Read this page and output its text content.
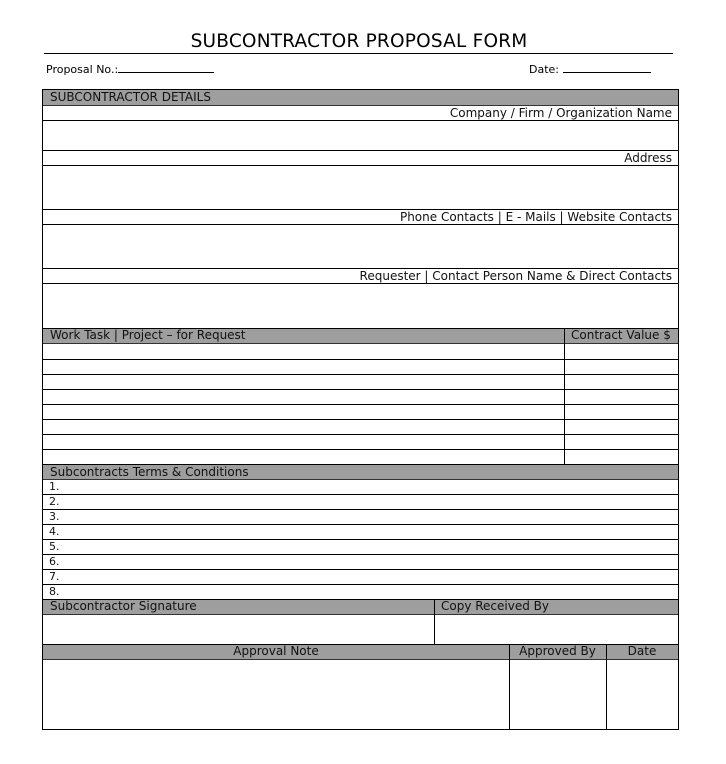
SUBCONTRACTOR PROPOSAL FORM
Proposal No.:	Date:
SUBCONTRACTOR DETAILS
Company / Firm / Organization Name
Address
Phone Contacts | E - Mails | Website Contacts
Requester | Contact Person Name & Direct Contacts
Work Task | Project – for Request	Contract Value $
Subcontracts Terms & Conditions
1.
2.
3.
4.
5.
6.
7.
8.
Subcontractor Signature	Copy Received By
Approval Note	Approved By	Date
